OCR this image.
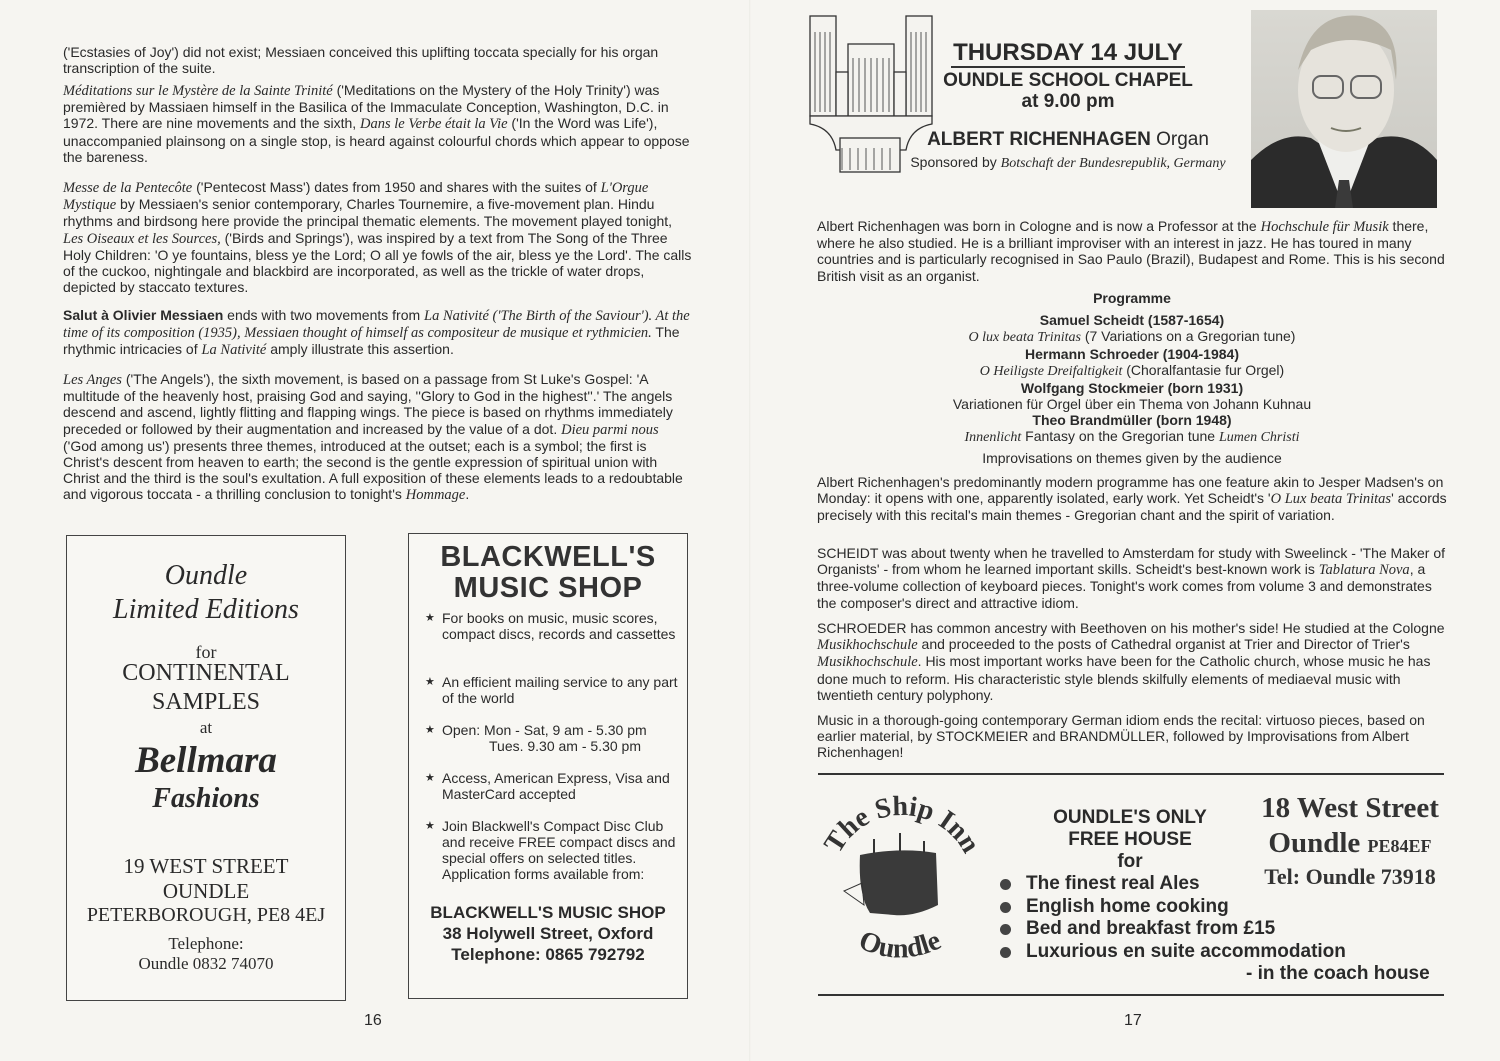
('Ecstasies of Joy') did not exist; Messiaen conceived this uplifting toccata specially for his organ transcription of the suite.

Méditations sur le Mystère de la Sainte Trinité ('Meditations on the Mystery of the Holy Trinity') was premièred by Massiaen himself in the Basilica of the Immaculate Conception, Washington, D.C. in 1972. There are nine movements and the sixth, Dans le Verbe était la Vie ('In the Word was Life'), unaccompanied plainsong on a single stop, is heard against colourful chords which appear to oppose the bareness.

Messe de la Pentecôte ('Pentecost Mass') dates from 1950 and shares with the suites of L'Orgue Mystique by Messiaen's senior contemporary, Charles Tournemire, a five-movement plan. Hindu rhythms and birdsong here provide the principal thematic elements. The movement played tonight, Les Oiseaux et les Sources, ('Birds and Springs'), was inspired by a text from The Song of the Three Holy Children: 'O ye fountains, bless ye the Lord; O all ye fowls of the air, bless ye the Lord'. The calls of the cuckoo, nightingale and blackbird are incorporated, as well as the trickle of water drops, depicted by staccato textures.

Salut à Olivier Messiaen ends with two movements from La Nativité ('The Birth of the Saviour'). At the time of its composition (1935), Messiaen thought of himself as compositeur de musique et rythmicien. The rhythmic intricacies of La Nativité amply illustrate this assertion.

Les Anges ('The Angels'), the sixth movement, is based on a passage from St Luke's Gospel: 'A multitude of the heavenly host, praising God and saying, ''Glory to God in the highest''.' The angels descend and ascend, lightly flitting and flapping wings. The piece is based on rhythms immediately preceded or followed by their augmentation and increased by the value of a dot. Dieu parmi nous ('God among us') presents three themes, introduced at the outset; each is a symbol; the first is Christ's descent from heaven to earth; the second is the gentle expression of spiritual union with Christ and the third is the soul's exultation. A full exposition of these elements leads to a redoubtable and vigorous toccata - a thrilling conclusion to tonight's Hommage.

Oundle
Limited Editions
for
CONTINENTAL
SAMPLES
at
Bellmara
Fashions
19 WEST STREET
OUNDLE
PETERBOROUGH, PE8 4EJ
Telephone:
Oundle 0832 74070
BLACKWELL'S
MUSIC SHOP
★ For books on music, music scores, compact discs, records and cassettes
★ An efficient mailing service to any part of the world
★ Open: Mon - Sat, 9 am - 5.30 pm
Tues. 9.30 am - 5.30 pm
★ Access, American Express, Visa and MasterCard accepted
★ Join Blackwell's Compact Disc Club and receive FREE compact discs and special offers on selected titles. Application forms available from:
BLACKWELL'S MUSIC SHOP
38 Holywell Street, Oxford
Telephone: 0865 792792
16
THURSDAY 14 JULY
OUNDLE SCHOOL CHAPEL
at 9.00 pm
ALBERT RICHENHAGEN Organ
Sponsored by Botschaft der Bundesrepublik, Germany

Albert Richenhagen was born in Cologne and is now a Professor at the Hochschule für Musik there, where he also studied. He is a brilliant improviser with an interest in jazz. He has toured in many countries and is particularly recognised in Sao Paulo (Brazil), Budapest and Rome. This is his second British visit as an organist.

Programme
Samuel Scheidt (1587-1654)
O lux beata Trinitas (7 Variations on a Gregorian tune)
Hermann Schroeder (1904-1984)
O Heiligste Dreifaltigkeit (Choralfantasie fur Orgel)
Wolfgang Stockmeier (born 1931)
Variationen für Orgel über ein Thema von Johann Kuhnau
Theo Brandmüller (born 1948)
Innenlicht Fantasy on the Gregorian tune Lumen Christi
Improvisations on themes given by the audience

Albert Richenhagen's predominantly modern programme has one feature akin to Jesper Madsen's on Monday: it opens with one, apparently isolated, early work. Yet Scheidt's 'O Lux beata Trinitas' accords precisely with this recital's main themes - Gregorian chant and the spirit of variation.

SCHEIDT was about twenty when he travelled to Amsterdam for study with Sweelinck - 'The Maker of Organists' - from whom he learned important skills. Scheidt's best-known work is Tablatura Nova, a three-volume collection of keyboard pieces. Tonight's work comes from volume 3 and demonstrates the composer's direct and attractive idiom.

SCHROEDER has common ancestry with Beethoven on his mother's side! He studied at the Cologne Musikhochschule and proceeded to the posts of Cathedral organist at Trier and Director of Trier's Musikhochschule. His most important works have been for the Catholic church, whose music he has done much to reform. His characteristic style blends skilfully elements of mediaeval music with twentieth century polyphony.

Music in a thorough-going contemporary German idiom ends the recital: virtuoso pieces, based on earlier material, by STOCKMEIER and BRANDMÜLLER, followed by Improvisations from Albert Richenhagen!

The Ship Inn
Oundle
OUNDLE'S ONLY
FREE HOUSE
for
The finest real Ales
English home cooking
Bed and breakfast from £15
Luxurious en suite accommodation
- in the coach house
18 West Street
Oundle PE84EF
Tel: Oundle 73918
17
